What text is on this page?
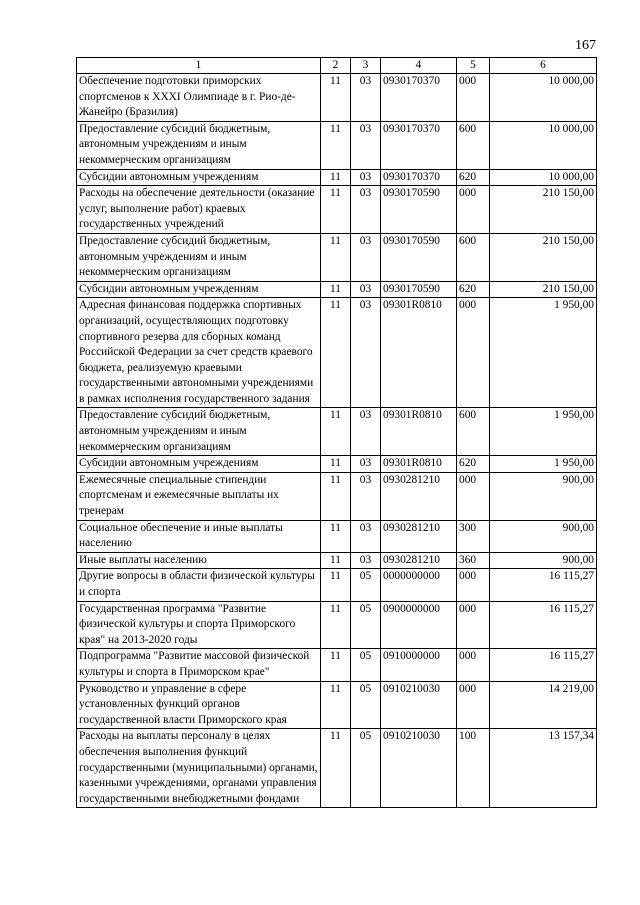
167
1	2	3	4	5	6
Обеспечение подготовки приморских спортсменов к XXXI Олимпиаде в г. Рио-де-Жанейро (Бразилия)	11	03	0930170370	000	10 000,00
Предоставление субсидий бюджетным, автономным учреждениям и иным некоммерческим организациям	11	03	0930170370	600	10 000,00
Субсидии автономным учреждениям	11	03	0930170370	620	10 000,00
Расходы на обеспечение деятельности (оказание услуг, выполнение работ) краевых государственных учреждений	11	03	0930170590	000	210 150,00
Предоставление субсидий бюджетным, автономным учреждениям и иным некоммерческим организациям	11	03	0930170590	600	210 150,00
Субсидии автономным учреждениям	11	03	0930170590	620	210 150,00
Адресная финансовая поддержка спортивных организаций, осуществляющих подготовку спортивного резерва для сборных команд Российской Федерации за счет средств краевого бюджета, реализуемую краевыми государственными автономными учреждениями в рамках исполнения государственного задания	11	03	09301R0810	000	1 950,00
Предоставление субсидий бюджетным, автономным учреждениям и иным некоммерческим организациям	11	03	09301R0810	600	1 950,00
Субсидии автономным учреждениям	11	03	09301R0810	620	1 950,00
Ежемесячные специальные стипендии спортсменам и ежемесячные выплаты их тренерам	11	03	0930281210	000	900,00
Социальное обеспечение и иные выплаты населению	11	03	0930281210	300	900,00
Иные выплаты населению	11	03	0930281210	360	900,00
Другие вопросы в области физической культуры и спорта	11	05	0000000000	000	16 115,27
Государственная программа "Развитие физической культуры и спорта Приморского края" на 2013-2020 годы	11	05	0900000000	000	16 115,27
Подпрограмма "Развитие массовой физической культуры и спорта в Приморском крае"	11	05	0910000000	000	16 115,27
Руководство и управление в сфере установленных функций органов государственной власти Приморского края	11	05	0910210030	000	14 219,00
Расходы на выплаты персоналу в целях обеспечения выполнения функций государственными (муниципальными) органами, казенными учреждениями, органами управления государственными внебюджетными фондами	11	05	0910210030	100	13 157,34
